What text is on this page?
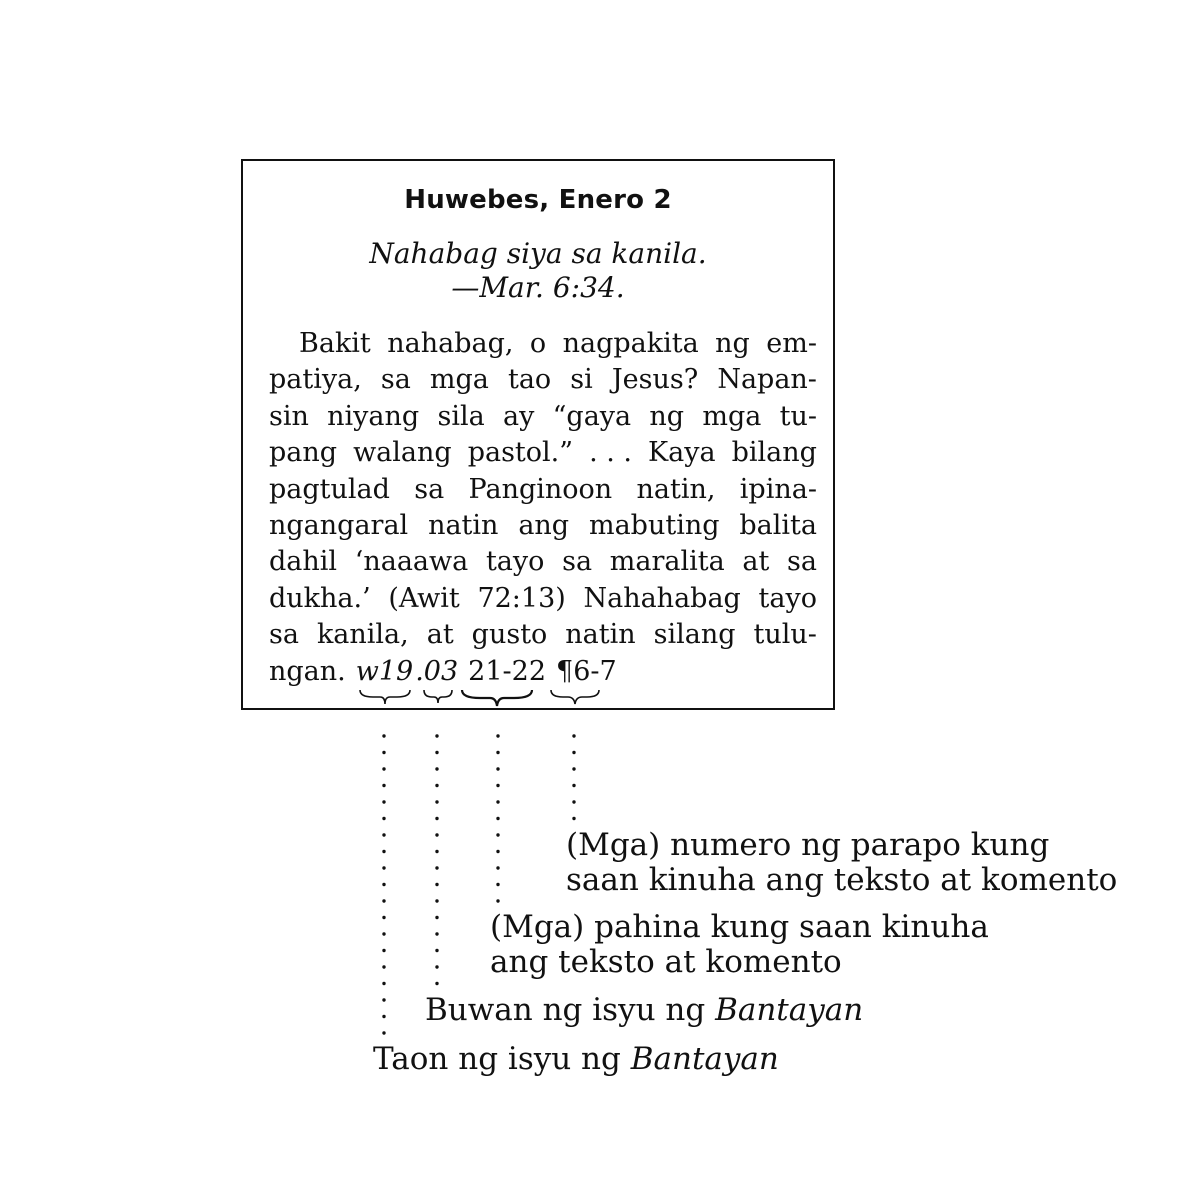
Huwebes, Enero 2
Nahabag siya sa kanila.
—Mar. 6:34.
Bakit nahabag, o nagpakita ng em-
patiya, sa mga tao si Jesus? Napan-
sin niyang sila ay “gaya ng mga tu-
pang walang pastol.” . . . Kaya bilang
pagtulad sa Panginoon natin, ipina-
ngangaral natin ang mabuting balita
dahil ‘naaawa tayo sa maralita at sa
dukha.’ (Awit 72:13) Nahahabag tayo
sa kanila, at gusto natin silang tulu-
ngan. w19 .03 21-22 ¶6-7
(Mga) numero ng parapo kung
saan kinuha ang teksto at komento
(Mga) pahina kung saan kinuha
ang teksto at komento
Buwan ng isyu ng Bantayan
Taon ng isyu ng Bantayan
